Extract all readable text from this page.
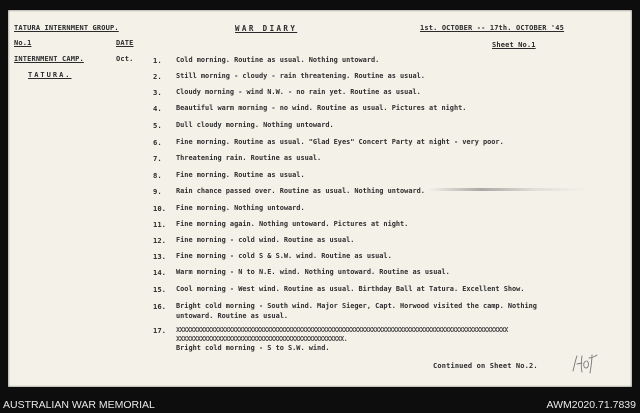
TATURA INTERNMENT GROUP.	WAR DIARY	1st. OCTOBER -- 17th. OCTOBER '45
No.1	DATE	Sheet No.1
INTERNMENT CAMP.	Oct.
TATURA.
1.	Cold morning. Routine as usual. Nothing untoward.
2.	Still morning - cloudy - rain threatening. Routine as usual.
3.	Cloudy morning - wind N.W. - no rain yet. Routine as usual.
4.	Beautiful warm morning - no wind. Routine as usual. Pictures at night.
5.	Dull cloudy morning. Nothing untoward.
6.	Fine morning. Routine as usual. "Glad Eyes" Concert Party at night - very poor.
7.	Threatening rain. Routine as usual.
8.	Fine morning. Routine as usual.
9.	Rain chance passed over. Routine as usual. Nothing untoward.
10.	Fine morning. Nothing untoward.
11.	Fine morning again. Nothing untoward. Pictures at night.
12.	Fine morning - cold wind. Routine as usual.
13.	Fine morning - cold S & S.W. wind. Routine as usual.
14.	Warm morning - N to N.E. wind. Nothing untoward. Routine as usual.
15.	Cool morning - West wind. Routine as usual. Birthday Ball at Tatura. Excellent Show.
16.	Bright cold morning - South wind. Major Sieger, Capt. Horwood visited the camp. Nothing
untoward. Routine as usual.
17.	XXXXXXXXXXXXXXXXXXXXXXXXXXXXXXXXXXXXXXXXXXXXXXXXXXXXXXXXXXXXXXXXXXXXXXXXXXXXXXXXXXXXXXXXXXXXXXX
XXXXXXXXXXXXXXXXXXXXXXXXXXXXXXXXXXXXXXXXXXXXXXXX.
Bright cold morning - S to S.W. wind.
Continued on Sheet No.2.
AUSTRALIAN WAR MEMORIAL	AWM2020.71.7839
